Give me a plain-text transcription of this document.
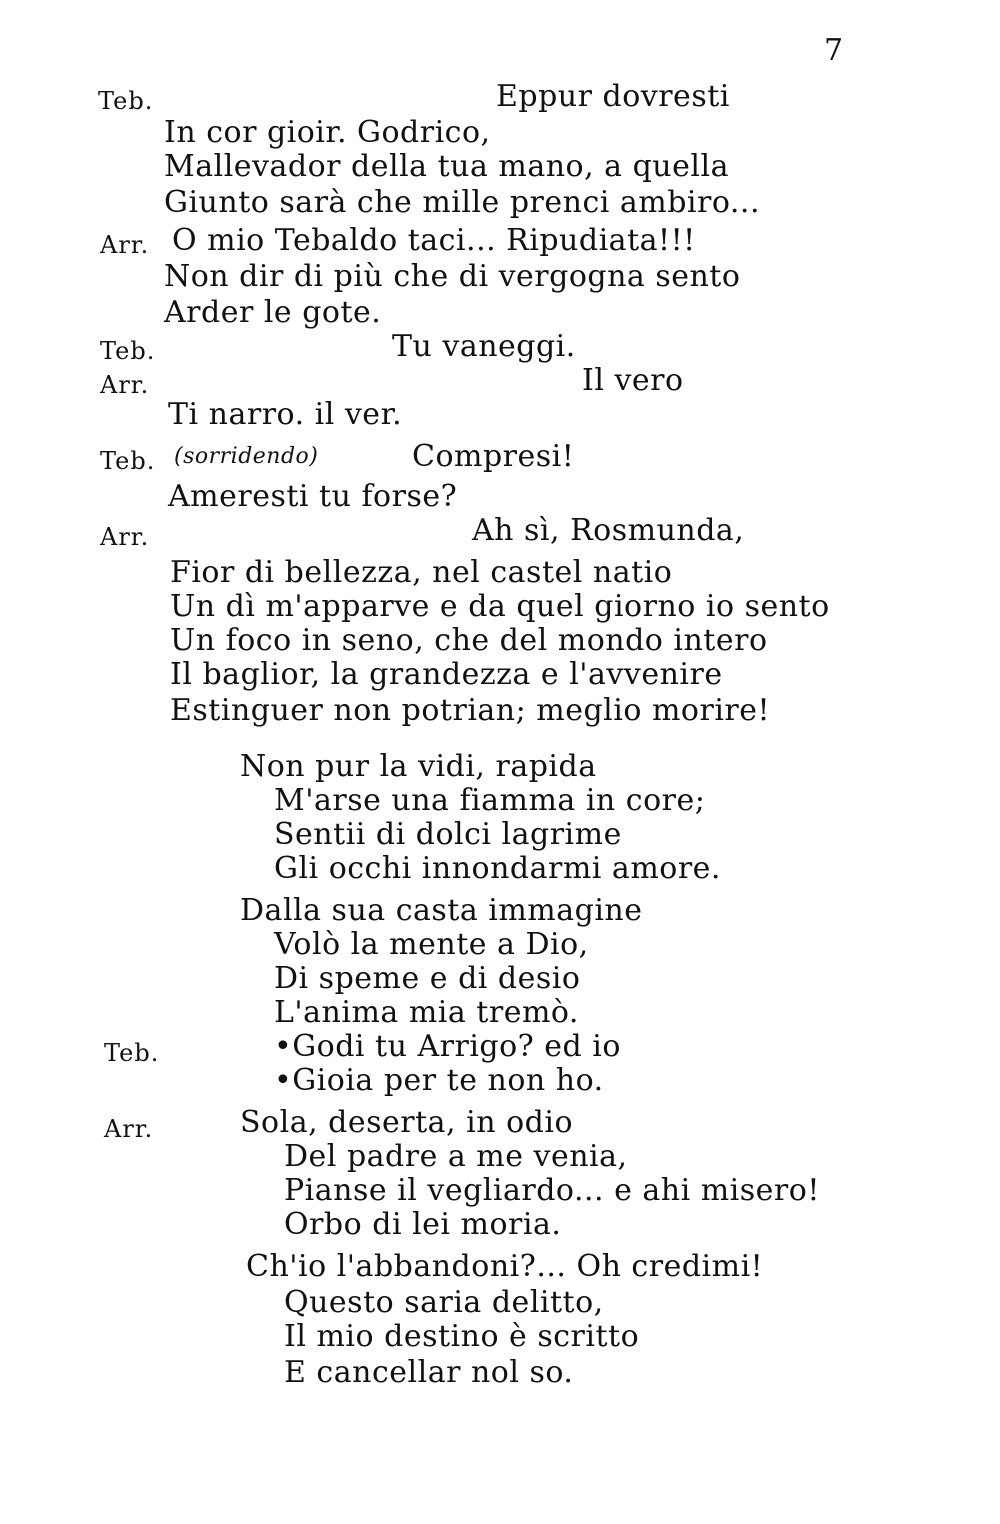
7
Teb.	Eppur dovresti
In cor gioir. Godrico,
Mallevador della tua mano, a quella
Giunto sarà che mille prenci ambiro...
Arr. O mio Tebaldo taci... Ripudiata!!!
Non dir di più che di vergogna sento
Arder le gote.
Teb.	Tu vaneggi.
Arr.	Il vero
Ti narro. il ver.
Teb. (sorridendo)	Compresi!
Ameresti tu forse?
Arr.	Ah sì, Rosmunda,
Fior di bellezza, nel castel natio
Un dì m'apparve e da quel giorno io sento
Un foco in seno, che del mondo intero
Il baglior, la grandezza e l'avvenire
Estinguer non potrian; meglio morire!
Non pur la vidi, rapida
M'arse una fiamma in core;
Sentii di dolci lagrime
Gli occhi innondarmi amore.
Dalla sua casta immagine
Volò la mente a Dio,
Di speme e di desio
L'anima mia tremò.
Teb.	•Godi tu Arrigo? ed io
•Gioia per te non ho.
Arr.	Sola, deserta, in odio
Del padre a me venia,
Pianse il vegliardo... e ahi misero!
Orbo di lei moria.
Ch'io l'abbandoni?... Oh credimi!
Questo saria delitto,
Il mio destino è scritto
E cancellar nol so.
